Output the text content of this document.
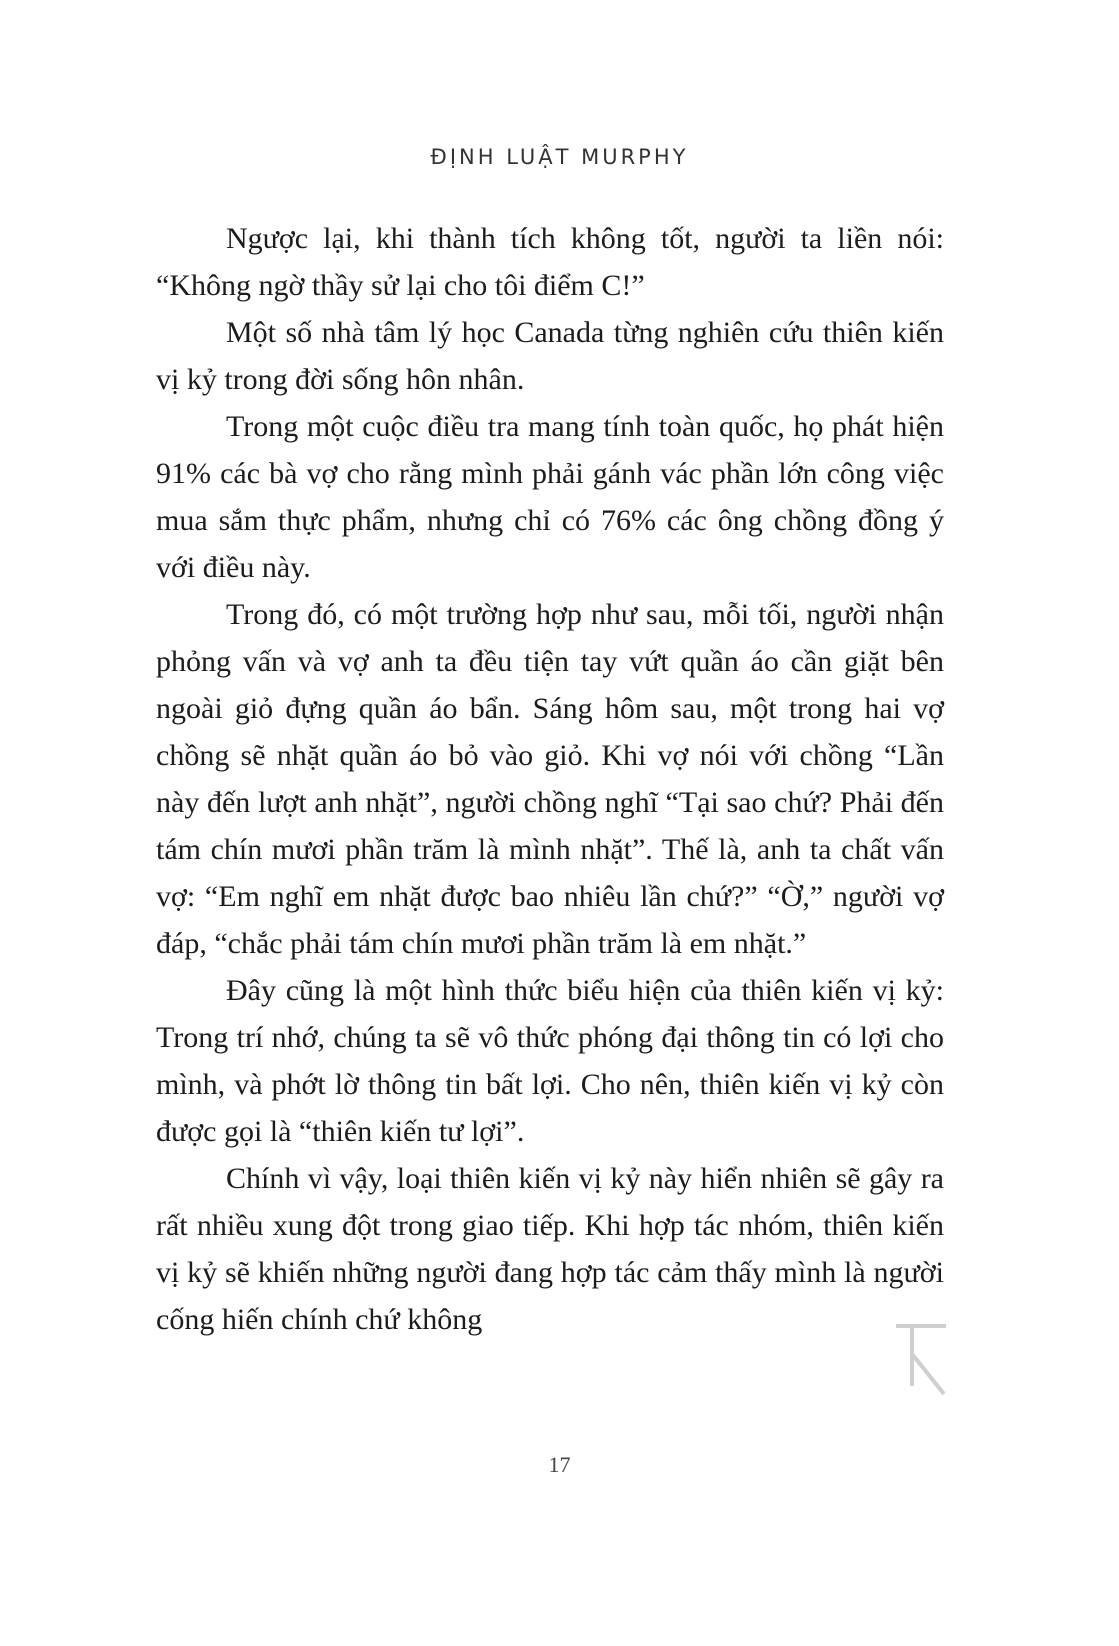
ĐỊNH LUẬT MURPHY

Ngược lại, khi thành tích không tốt, người ta liền nói: “Không ngờ thầy sử lại cho tôi điểm C!”

Một số nhà tâm lý học Canada từng nghiên cứu thiên kiến vị kỷ trong đời sống hôn nhân.

Trong một cuộc điều tra mang tính toàn quốc, họ phát hiện 91% các bà vợ cho rằng mình phải gánh vác phần lớn công việc mua sắm thực phẩm, nhưng chỉ có 76% các ông chồng đồng ý với điều này.

Trong đó, có một trường hợp như sau, mỗi tối, người nhận phỏng vấn và vợ anh ta đều tiện tay vứt quần áo cần giặt bên ngoài giỏ đựng quần áo bẩn. Sáng hôm sau, một trong hai vợ chồng sẽ nhặt quần áo bỏ vào giỏ. Khi vợ nói với chồng “Lần này đến lượt anh nhặt”, người chồng nghĩ “Tại sao chứ? Phải đến tám chín mươi phần trăm là mình nhặt”. Thế là, anh ta chất vấn vợ: “Em nghĩ em nhặt được bao nhiêu lần chứ?” “Ờ,” người vợ đáp, “chắc phải tám chín mươi phần trăm là em nhặt.”

Đây cũng là một hình thức biểu hiện của thiên kiến vị kỷ: Trong trí nhớ, chúng ta sẽ vô thức phóng đại thông tin có lợi cho mình, và phớt lờ thông tin bất lợi. Cho nên, thiên kiến vị kỷ còn được gọi là “thiên kiến tư lợi”.

Chính vì vậy, loại thiên kiến vị kỷ này hiển nhiên sẽ gây ra rất nhiều xung đột trong giao tiếp. Khi hợp tác nhóm, thiên kiến vị kỷ sẽ khiến những người đang hợp tác cảm thấy mình là người cống hiến chính chứ không

17
